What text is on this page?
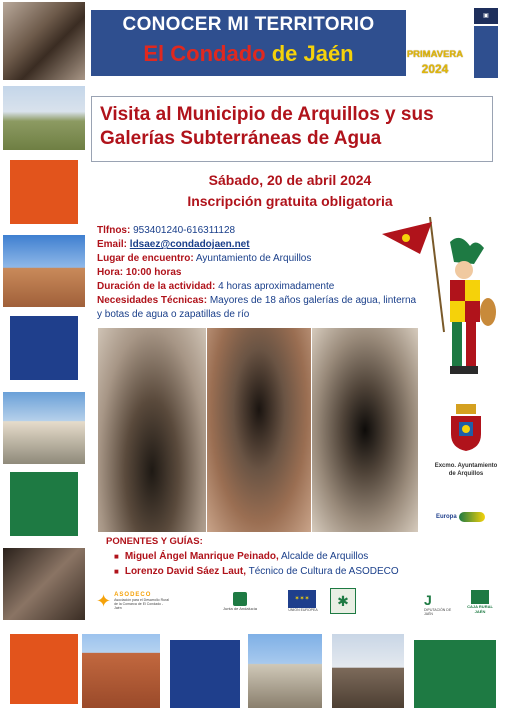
CONOCER MI TERRITORIO
El Condado de Jaén	PRIMAVERA
2024
▣
Visita al Municipio de Arquillos y sus Galerías Subterráneas de Agua
Sábado, 20 de abril 2024
Inscripción gratuita obligatoria
Tlfnos: 953401240-616311128
Email: ldsaez@condadojaen.net
Lugar de encuentro: Ayuntamiento de Arquillos
Hora: 10:00 horas
Duración de la actividad: 4 horas aproximadamente
Necesidades Técnicas: Mayores de 18 años galerías de agua, linterna y botas de agua o zapatillas de río
Excmo. Ayuntamiento
de Arquillos
Europa
PONENTES Y GUÍAS:
■ Miguel Ángel Manrique Peinado, Alcalde de Arquillos
■ Lorenzo David Sáez Laut, Técnico de Cultura de ASODECO
✦ ASODECO
Asociación para el Desarrollo Rural de la Comarca de El Condado - Jaén	Junta de Andalucía
✶✶✶
UNIÓN EUROPEA
✱	J
DIPUTACIÓN DE JAÉN
CAJA RURAL JAÉN
